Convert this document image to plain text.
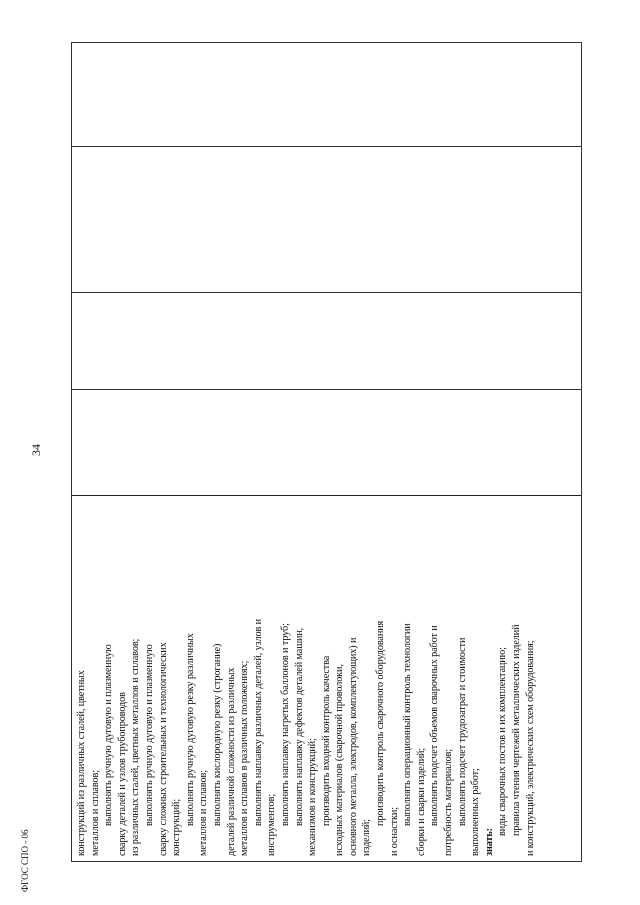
34
ФГОС СПО - 06
конструкций из различных сталей, цветных металлов и сплавов; выполнять ручную дуговую и плазменную сварку деталей и узлов трубопроводов из различных сталей, цветных металлов и сплавов; выполнять ручную дуговую и плазменную сварку сложных строительных и технологических конструкций;
выполнять ручную дуговую резку различных металлов и сплавов; выполнять кислородную резку (строгание) деталей различной сложности из различных металлов и сплавов в различных положениях; выполнять наплавку различных деталей, узлов и инструментов; выполнять наплавку нагретых баллонов и труб; выполнять наплавку дефектов деталей машин, механизмов и конструкций; производить входной контроль качества исходных материалов (сварочной проволоки, основного металла, электродов, комплектующих) и изделий;
производить контроль сварочного оборудования
и оснастки;
выполнять операционный контроль технологии сборки и сварки изделий; выполнять подсчет объемов сварочных работ и потребность материалов; выполнять подсчет трудозатрат и стоимости выполненных работ; знать:
виды сварочных постов и их комплектацию; правила чтения чертежей металлических изделий и конструкций, электрических схем оборудования;
